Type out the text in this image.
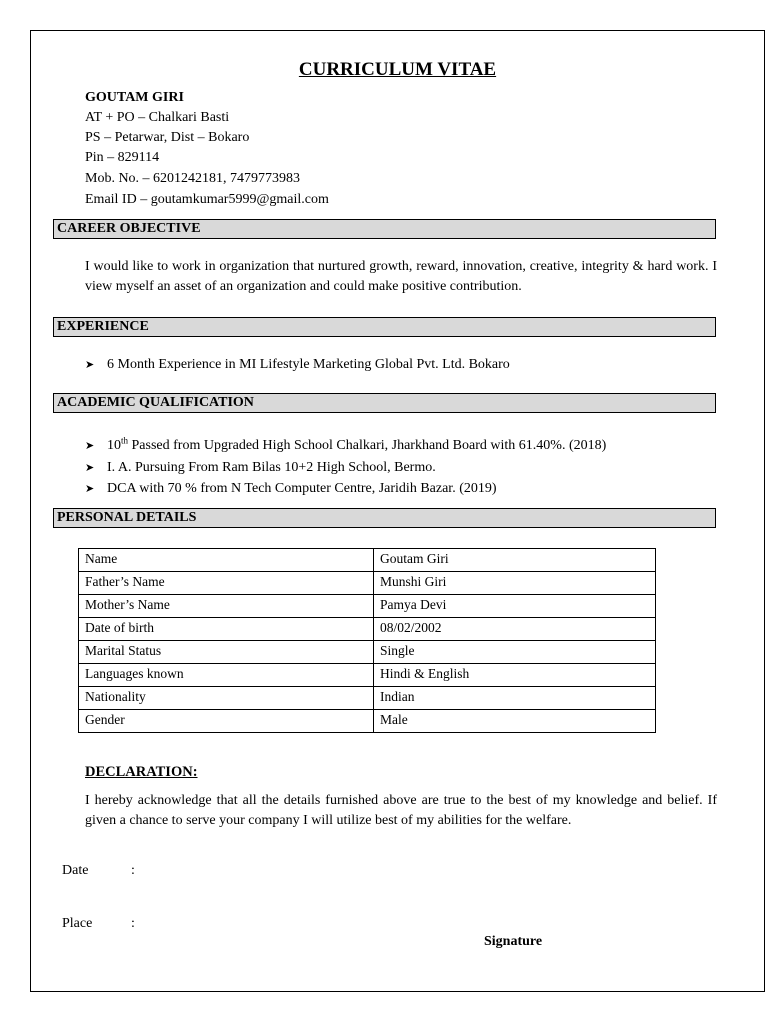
CURRICULUM VITAE
GOUTAM GIRI
AT + PO – Chalkari Basti
PS – Petarwar, Dist – Bokaro
Pin – 829114
Mob. No. – 6201242181, 7479773983
Email ID – goutamkumar5999@gmail.com
CAREER OBJECTIVE
I would like to work in organization that nurtured growth, reward, innovation, creative, integrity & hard work. I view myself an asset of an organization and could make positive contribution.
EXPERIENCE
➤ 6 Month Experience in MI Lifestyle Marketing Global Pvt. Ltd. Bokaro
ACADEMIC QUALIFICATION
➤ 10th Passed from Upgraded High School Chalkari, Jharkhand Board with 61.40%. (2018)
➤ I. A. Pursuing From Ram Bilas 10+2 High School, Bermo.
➤ DCA with 70 % from N Tech Computer Centre, Jaridih Bazar. (2019)
PERSONAL DETAILS
Name	Goutam Giri
Father’s Name	Munshi Giri
Mother’s Name	Pamya Devi
Date of birth	08/02/2002
Marital Status	Single
Languages known	Hindi & English
Nationality	Indian
Gender	Male
DECLARATION:
I hereby acknowledge that all the details furnished above are true to the best of my knowledge and belief. If given a chance to serve your company I will utilize best of my abilities for the welfare.
Date	:
Place	:
Signature
